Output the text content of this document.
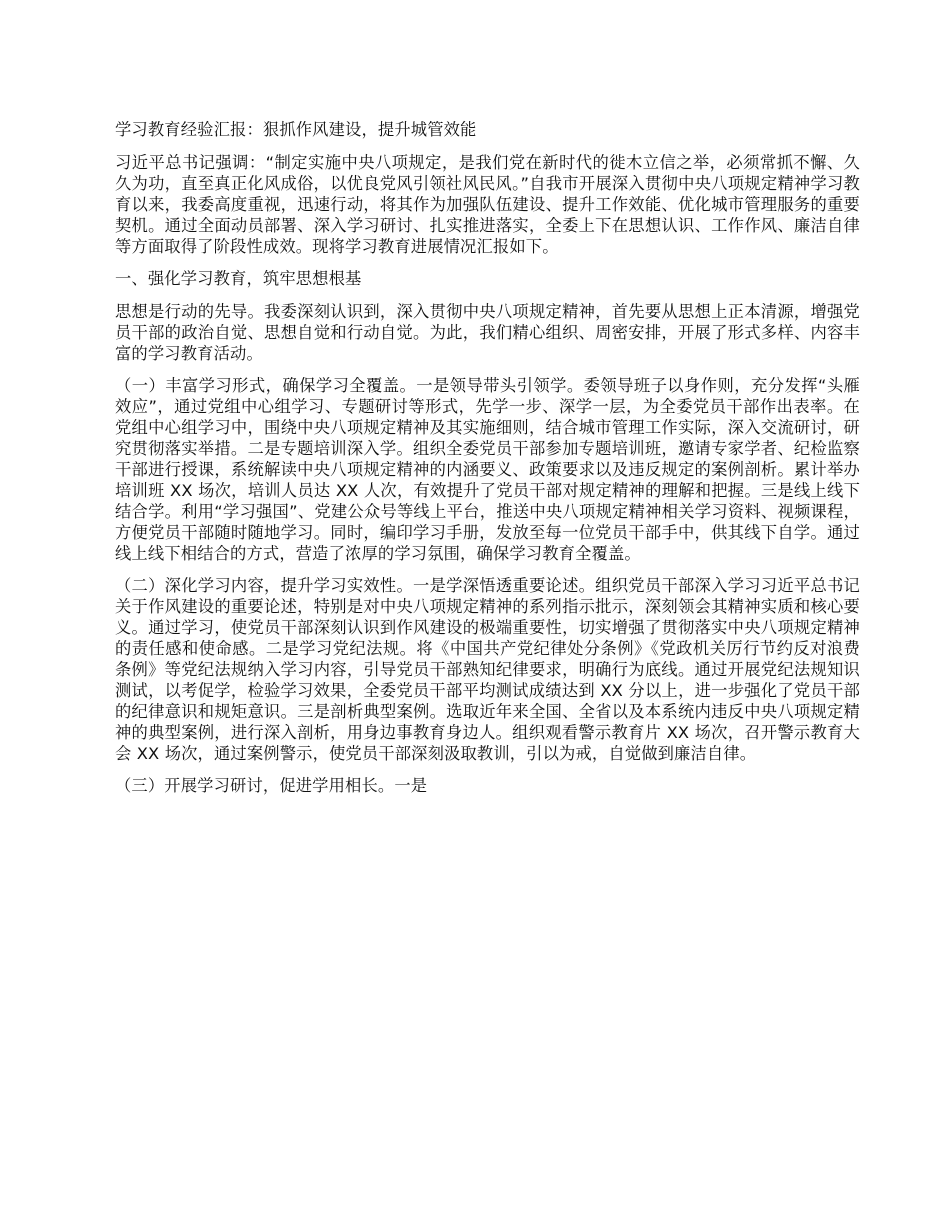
学习教育经验汇报：狠抓作风建设，提升城管效能

习近平总书记强调：“制定实施中央八项规定，是我们党在新时代的徙木立信之举，必须常抓不懈、久久为功，直至真正化风成俗，以优良党风引领社风民风。”自我市开展深入贯彻中央八项规定精神学习教育以来，我委高度重视，迅速行动，将其作为加强队伍建设、提升工作效能、优化城市管理服务的重要契机。通过全面动员部署、深入学习研讨、扎实推进落实，全委上下在思想认识、工作作风、廉洁自律等方面取得了阶段性成效。现将学习教育进展情况汇报如下。

一、强化学习教育，筑牢思想根基

思想是行动的先导。我委深刻认识到，深入贯彻中央八项规定精神，首先要从思想上正本清源，增强党员干部的政治自觉、思想自觉和行动自觉。为此，我们精心组织、周密安排，开展了形式多样、内容丰富的学习教育活动。

（一）丰富学习形式，确保学习全覆盖。一是领导带头引领学。委领导班子以身作则，充分发挥“头雁效应”，通过党组中心组学习、专题研讨等形式，先学一步、深学一层，为全委党员干部作出表率。在党组中心组学习中，围绕中央八项规定精神及其实施细则，结合城市管理工作实际，深入交流研讨，研究贯彻落实举措。二是专题培训深入学。组织全委党员干部参加专题培训班，邀请专家学者、纪检监察干部进行授课，系统解读中央八项规定精神的内涵要义、政策要求以及违反规定的案例剖析。累计举办培训班 XX 场次，培训人员达 XX 人次，有效提升了党员干部对规定精神的理解和把握。三是线上线下结合学。利用“学习强国”、党建公众号等线上平台，推送中央八项规定精神相关学习资料、视频课程，方便党员干部随时随地学习。同时，编印学习手册，发放至每一位党员干部手中，供其线下自学。通过线上线下相结合的方式，营造了浓厚的学习氛围，确保学习教育全覆盖。

（二）深化学习内容，提升学习实效性。一是学深悟透重要论述。组织党员干部深入学习习近平总书记关于作风建设的重要论述，特别是对中央八项规定精神的系列指示批示，深刻领会其精神实质和核心要义。通过学习，使党员干部深刻认识到作风建设的极端重要性，切实增强了贯彻落实中央八项规定精神的责任感和使命感。二是学习党纪法规。将《中国共产党纪律处分条例》《党政机关厉行节约反对浪费条例》等党纪法规纳入学习内容，引导党员干部熟知纪律要求，明确行为底线。通过开展党纪法规知识测试，以考促学，检验学习效果，全委党员干部平均测试成绩达到 XX 分以上，进一步强化了党员干部的纪律意识和规矩意识。三是剖析典型案例。选取近年来全国、全省以及本系统内违反中央八项规定精神的典型案例，进行深入剖析，用身边事教育身边人。组织观看警示教育片 XX 场次，召开警示教育大会 XX 场次，通过案例警示，使党员干部深刻汲取教训，引以为戒，自觉做到廉洁自律。

（三）开展学习研讨，促进学用相长。一是
